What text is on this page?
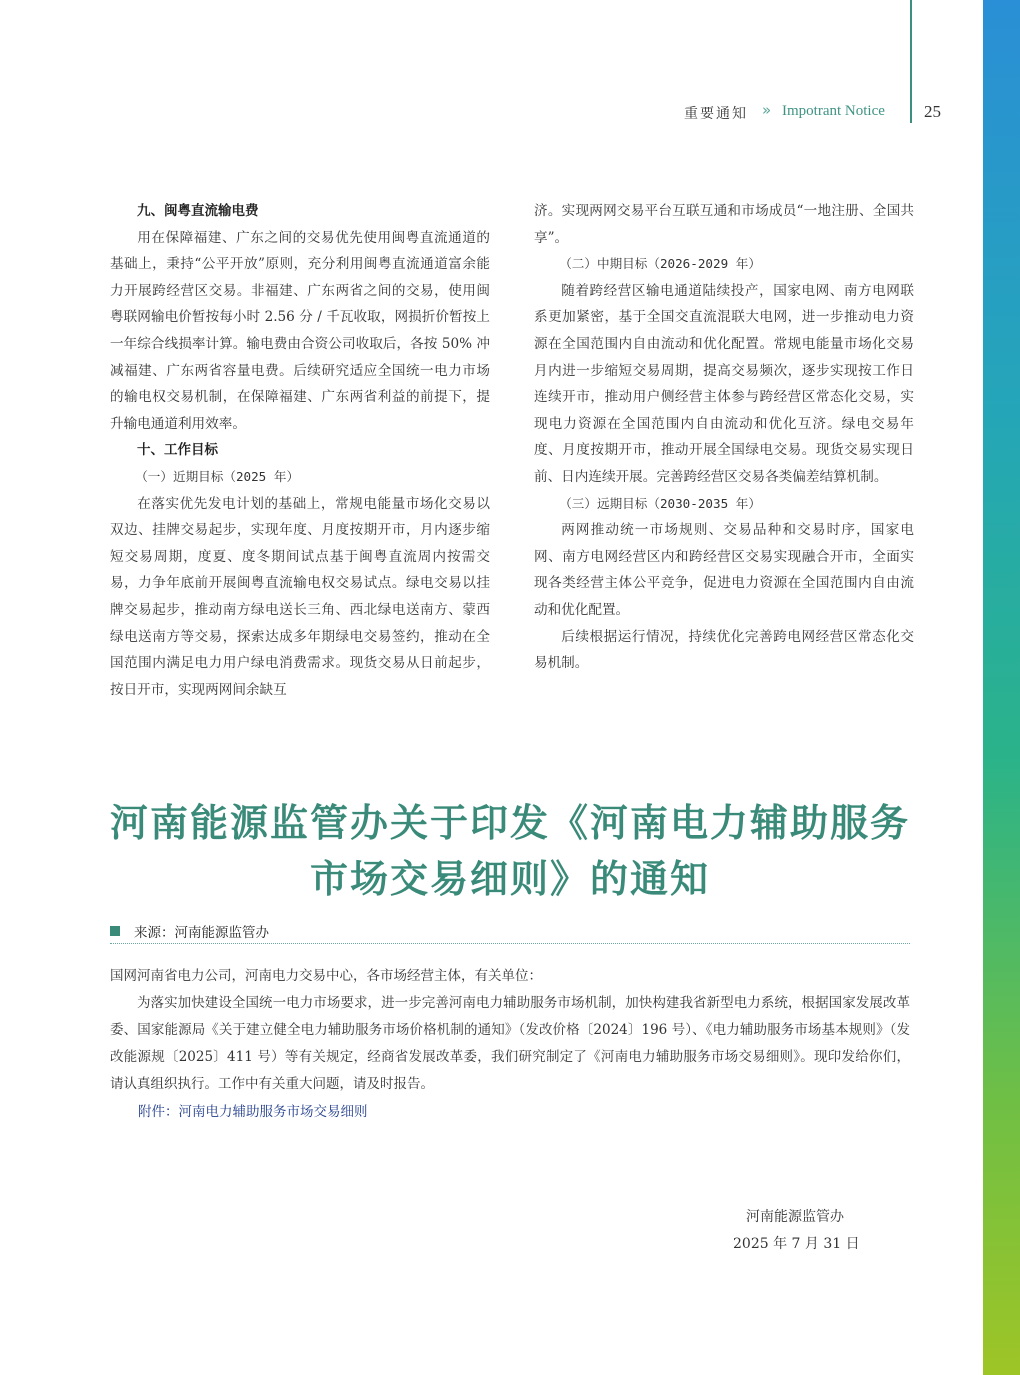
重要通知 » Impotrant Notice 25
九、闽粤直流输电费

用在保障福建、广东之间的交易优先使用闽粤直流通道的基础上，秉持“公平开放”原则，充分利用闽粤直流通道富余能力开展跨经营区交易。非福建、广东两省之间的交易，使用闽粤联网输电价暂按每小时 2.56 分 / 千瓦收取，网损折价暂按上一年综合线损率计算。输电费由合资公司收取后，各按 50% 冲减福建、广东两省容量电费。后续研究适应全国统一电力市场的输电权交易机制，在保障福建、广东两省利益的前提下，提升输电通道利用效率。

十、工作目标
（一）近期目标（2025 年）

在落实优先发电计划的基础上，常规电能量市场化交易以双边、挂牌交易起步，实现年度、月度按期开市，月内逐步缩短交易周期，度夏、度冬期间试点基于闽粤直流周内按需交易，力争年底前开展闽粤直流输电权交易试点。绿电交易以挂牌交易起步，推动南方绿电送长三角、西北绿电送南方、蒙西绿电送南方等交易，探索达成多年期绿电交易签约，推动在全国范围内满足电力用户绿电消费需求。现货交易从日前起步，按日开市，实现两网间余缺互

济。实现两网交易平台互联互通和市场成员“一地注册、全国共享”。

（二）中期目标（2026-2029 年）

随着跨经营区输电通道陆续投产，国家电网、南方电网联系更加紧密，基于全国交直流混联大电网，进一步推动电力资源在全国范围内自由流动和优化配置。常规电能量市场化交易月内进一步缩短交易周期，提高交易频次，逐步实现按工作日连续开市，推动用户侧经营主体参与跨经营区常态化交易，实现电力资源在全国范围内自由流动和优化互济。绿电交易年度、月度按期开市，推动开展全国绿电交易。现货交易实现日前、日内连续开展。完善跨经营区交易各类偏差结算机制。

（三）远期目标（2030-2035 年）

两网推动统一市场规则、交易品种和交易时序，国家电网、南方电网经营区内和跨经营区交易实现融合开市，全面实现各类经营主体公平竞争，促进电力资源在全国范围内自由流动和优化配置。

后续根据运行情况，持续优化完善跨电网经营区常态化交易机制。

河南能源监管办关于印发《河南电力辅助服务
市场交易细则》的通知
来源：河南能源监管办

国网河南省电力公司，河南电力交易中心，各市场经营主体，有关单位：

为落实加快建设全国统一电力市场要求，进一步完善河南电力辅助服务市场机制，加快构建我省新型电力系统，根据国家发展改革委、国家能源局《关于建立健全电力辅助服务市场价格机制的通知》（发改价格〔2024〕196 号）、《电力辅助服务市场基本规则》（发改能源规〔2025〕411 号）等有关规定，经商省发展改革委，我们研究制定了《河南电力辅助服务市场交易细则》。现印发给你们，请认真组织执行。工作中有关重大问题，请及时报告。

附件：河南电力辅助服务市场交易细则
河南能源监管办
2025 年 7 月 31 日
